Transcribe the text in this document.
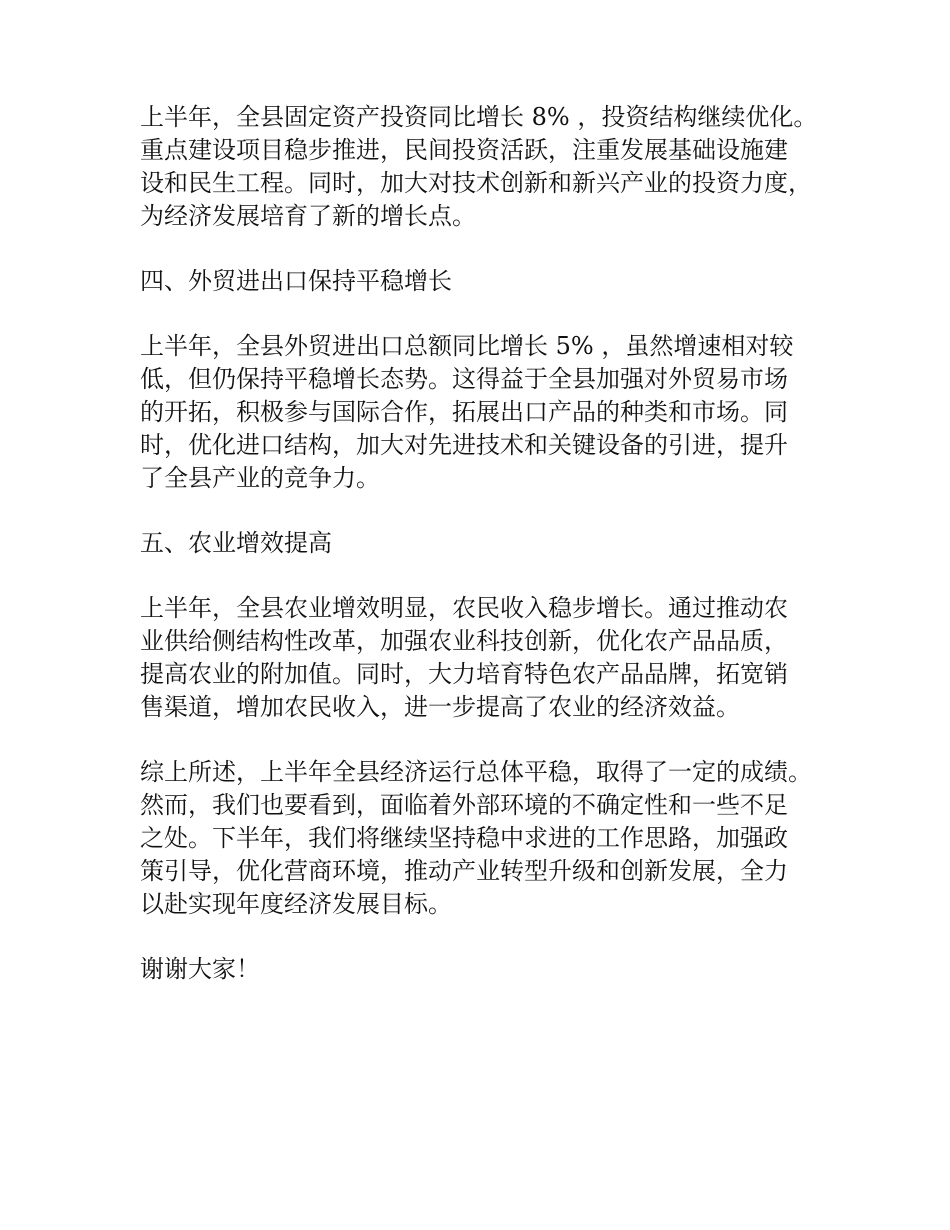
上半年，全县固定资产投资同比增长 8% ，投资结构继续优化。
重点建设项目稳步推进，民间投资活跃，注重发展基础设施建
设和民生工程。同时，加大对技术创新和新兴产业的投资力度，
为经济发展培育了新的增长点。
四、外贸进出口保持平稳增长
上半年，全县外贸进出口总额同比增长 5% ，虽然增速相对较
低，但仍保持平稳增长态势。这得益于全县加强对外贸易市场
的开拓，积极参与国际合作，拓展出口产品的种类和市场。同
时，优化进口结构，加大对先进技术和关键设备的引进，提升
了全县产业的竞争力。
五、农业增效提高
上半年，全县农业增效明显，农民收入稳步增长。通过推动农
业供给侧结构性改革，加强农业科技创新，优化农产品品质，
提高农业的附加值。同时，大力培育特色农产品品牌，拓宽销
售渠道，增加农民收入，进一步提高了农业的经济效益。
综上所述，上半年全县经济运行总体平稳，取得了一定的成绩。
然而，我们也要看到，面临着外部环境的不确定性和一些不足
之处。下半年，我们将继续坚持稳中求进的工作思路，加强政
策引导，优化营商环境，推动产业转型升级和创新发展，全力
以赴实现年度经济发展目标。
谢谢大家！
